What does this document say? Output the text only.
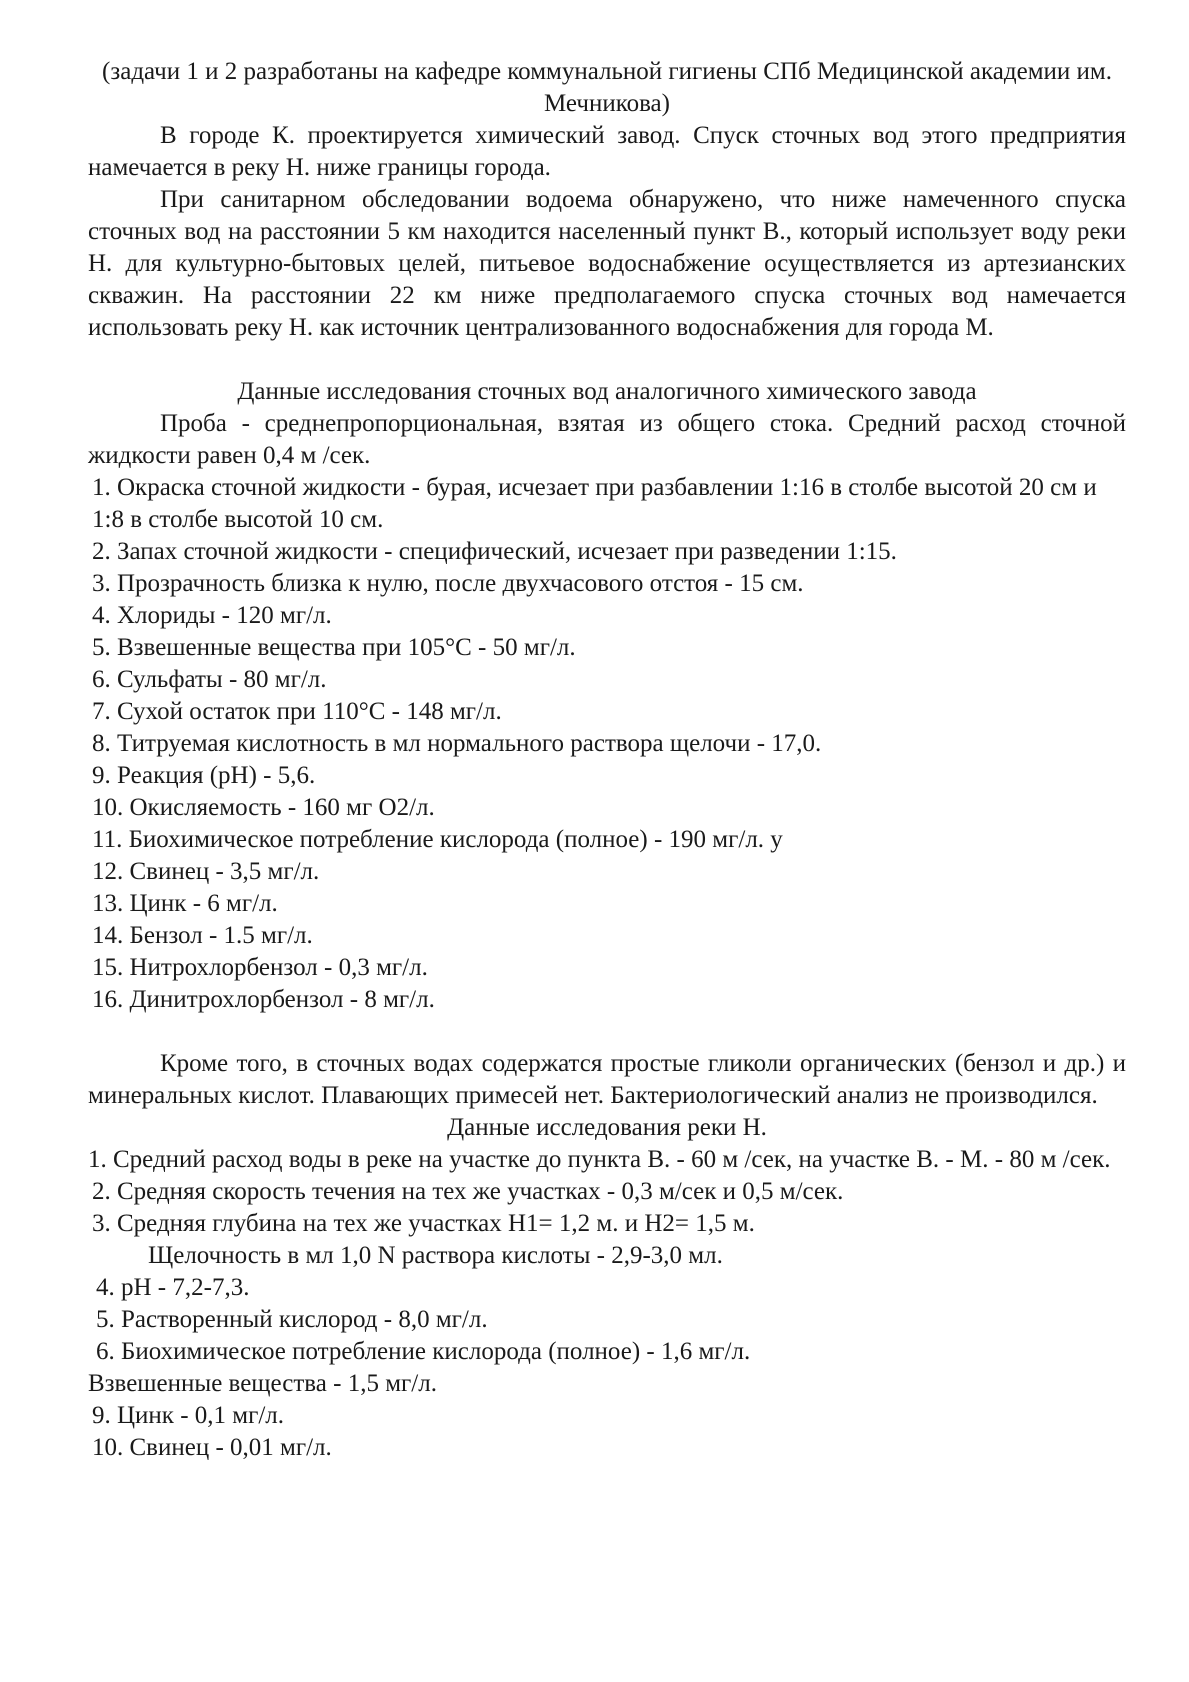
(задачи 1 и 2 разработаны на кафедре коммунальной гигиены СПб Медицинской академии им. Мечникова)

В городе К. проектируется химический завод. Спуск сточных вод этого предприятия намечается в реку Н. ниже границы города.

При санитарном обследовании водоема обнаружено, что ниже намеченного спуска сточных вод на расстоянии 5 км находится населенный пункт В., который использует воду реки Н. для культурно-бытовых целей, питьевое водоснабжение осуществляется из артезианских скважин. На расстоянии 22 км ниже предполагаемого спуска сточных вод намечается использовать реку Н. как источник централизованного водоснабжения для города М.

Данные исследования сточных вод аналогичного химического завода

Проба - среднепропорциональная, взятая из общего стока. Средний расход сточной жидкости равен 0,4 м /сек.

1. Окраска сточной жидкости - бурая, исчезает при разбавлении 1:16 в столбе высотой 20 см и 1:8 в столбе высотой 10 см.
2. Запах сточной жидкости - специфический, исчезает при разведении 1:15.
3. Прозрачность близка к нулю, после двухчасового отстоя - 15 см.
4. Хлориды - 120 мг/л.
5. Взвешенные вещества при 105°С - 50 мг/л.
6. Сульфаты - 80 мг/л.
7. Сухой остаток при 110°С - 148 мг/л.
8. Титруемая кислотность в мл нормального раствора щелочи - 17,0.
9. Реакция (рН) - 5,6.
10. Окисляемость - 160 мг О2/л.
11. Биохимическое потребление кислорода (полное) - 190 мг/л. у
12. Свинец - 3,5 мг/л.
13. Цинк - 6 мг/л.
14. Бензол - 1.5 мг/л.
15. Нитрохлорбензол - 0,3 мг/л.
16. Динитрохлорбензол - 8 мг/л.

Кроме того, в сточных водах содержатся простые гликоли органических (бензол и др.) и минеральных кислот. Плавающих примесей нет. Бактериологический анализ не производился.

Данные исследования реки Н.

1. Средний расход воды в реке на участке до пункта В. - 60 м /сек, на участке В. - М. - 80 м /сек.
2. Средняя скорость течения на тех же участках - 0,3 м/сек и 0,5 м/сек.
3. Средняя глубина на тех же участках Н1= 1,2 м. и Н2= 1,5 м.
Щелочность в мл 1,0 N раствора кислоты - 2,9-3,0 мл.
4. рН - 7,2-7,3.
5. Растворенный кислород - 8,0 мг/л.
6. Биохимическое потребление кислорода (полное) - 1,6 мг/л.
Взвешенные вещества - 1,5 мг/л.
9. Цинк - 0,1 мг/л.
10. Свинец - 0,01 мг/л.
